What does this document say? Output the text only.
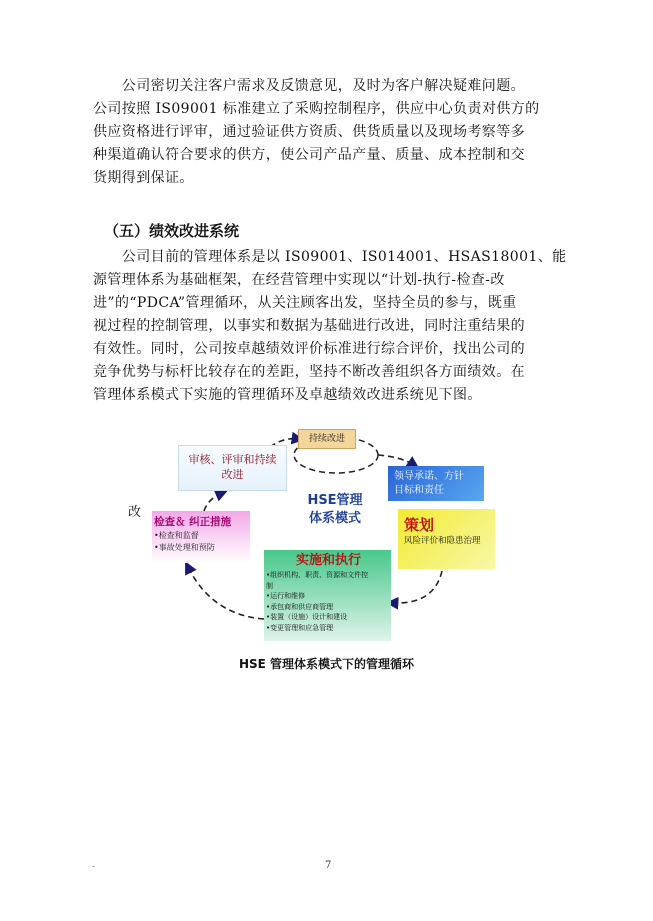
　　公司密切关注客户需求及反馈意见，及时为客户解决疑难问题。
公司按照 IS09001 标准建立了采购控制程序，供应中心负责对供方的
供应资格进行评审，通过验证供方资质、供货质量以及现场考察等多
种渠道确认符合要求的供方，使公司产品产量、质量、成本控制和交
货期得到保证。

（五）绩效改进系统

　　公司目前的管理体系是以 IS09001、IS014001、HSAS18001、能
源管理体系为基础框架，在经营管理中实现以“计划-执行-检查-改
进”的“PDCA”管理循环，从关注顾客出发，坚持全员的参与，既重
视过程的控制管理，以事实和数据为基础进行改进，同时注重结果的
有效性。同时，公司按卓越绩效评价标准进行综合评价，找出公司的
竞争优势与标杆比较存在的差距，坚持不断改善组织各方面绩效。在
管理体系模式下实施的管理循环及卓越绩效改进系统见下图。

改
审核、评审和持续
改进
持续改进
领导承诺、方针
目标和责任
策划
风险评价和隐患治理
检查＆ 纠正措施
•检查和监督
•事故处理和预防
实施和执行
•组织机构、职责、资源和文件控
制
•运行和维修
•承包商和供应商管理
•装置（设施）设计和建设
•变更管理和应急管理
HSE管理
体系模式
HSE 管理体系模式下的管理循环
-	7
